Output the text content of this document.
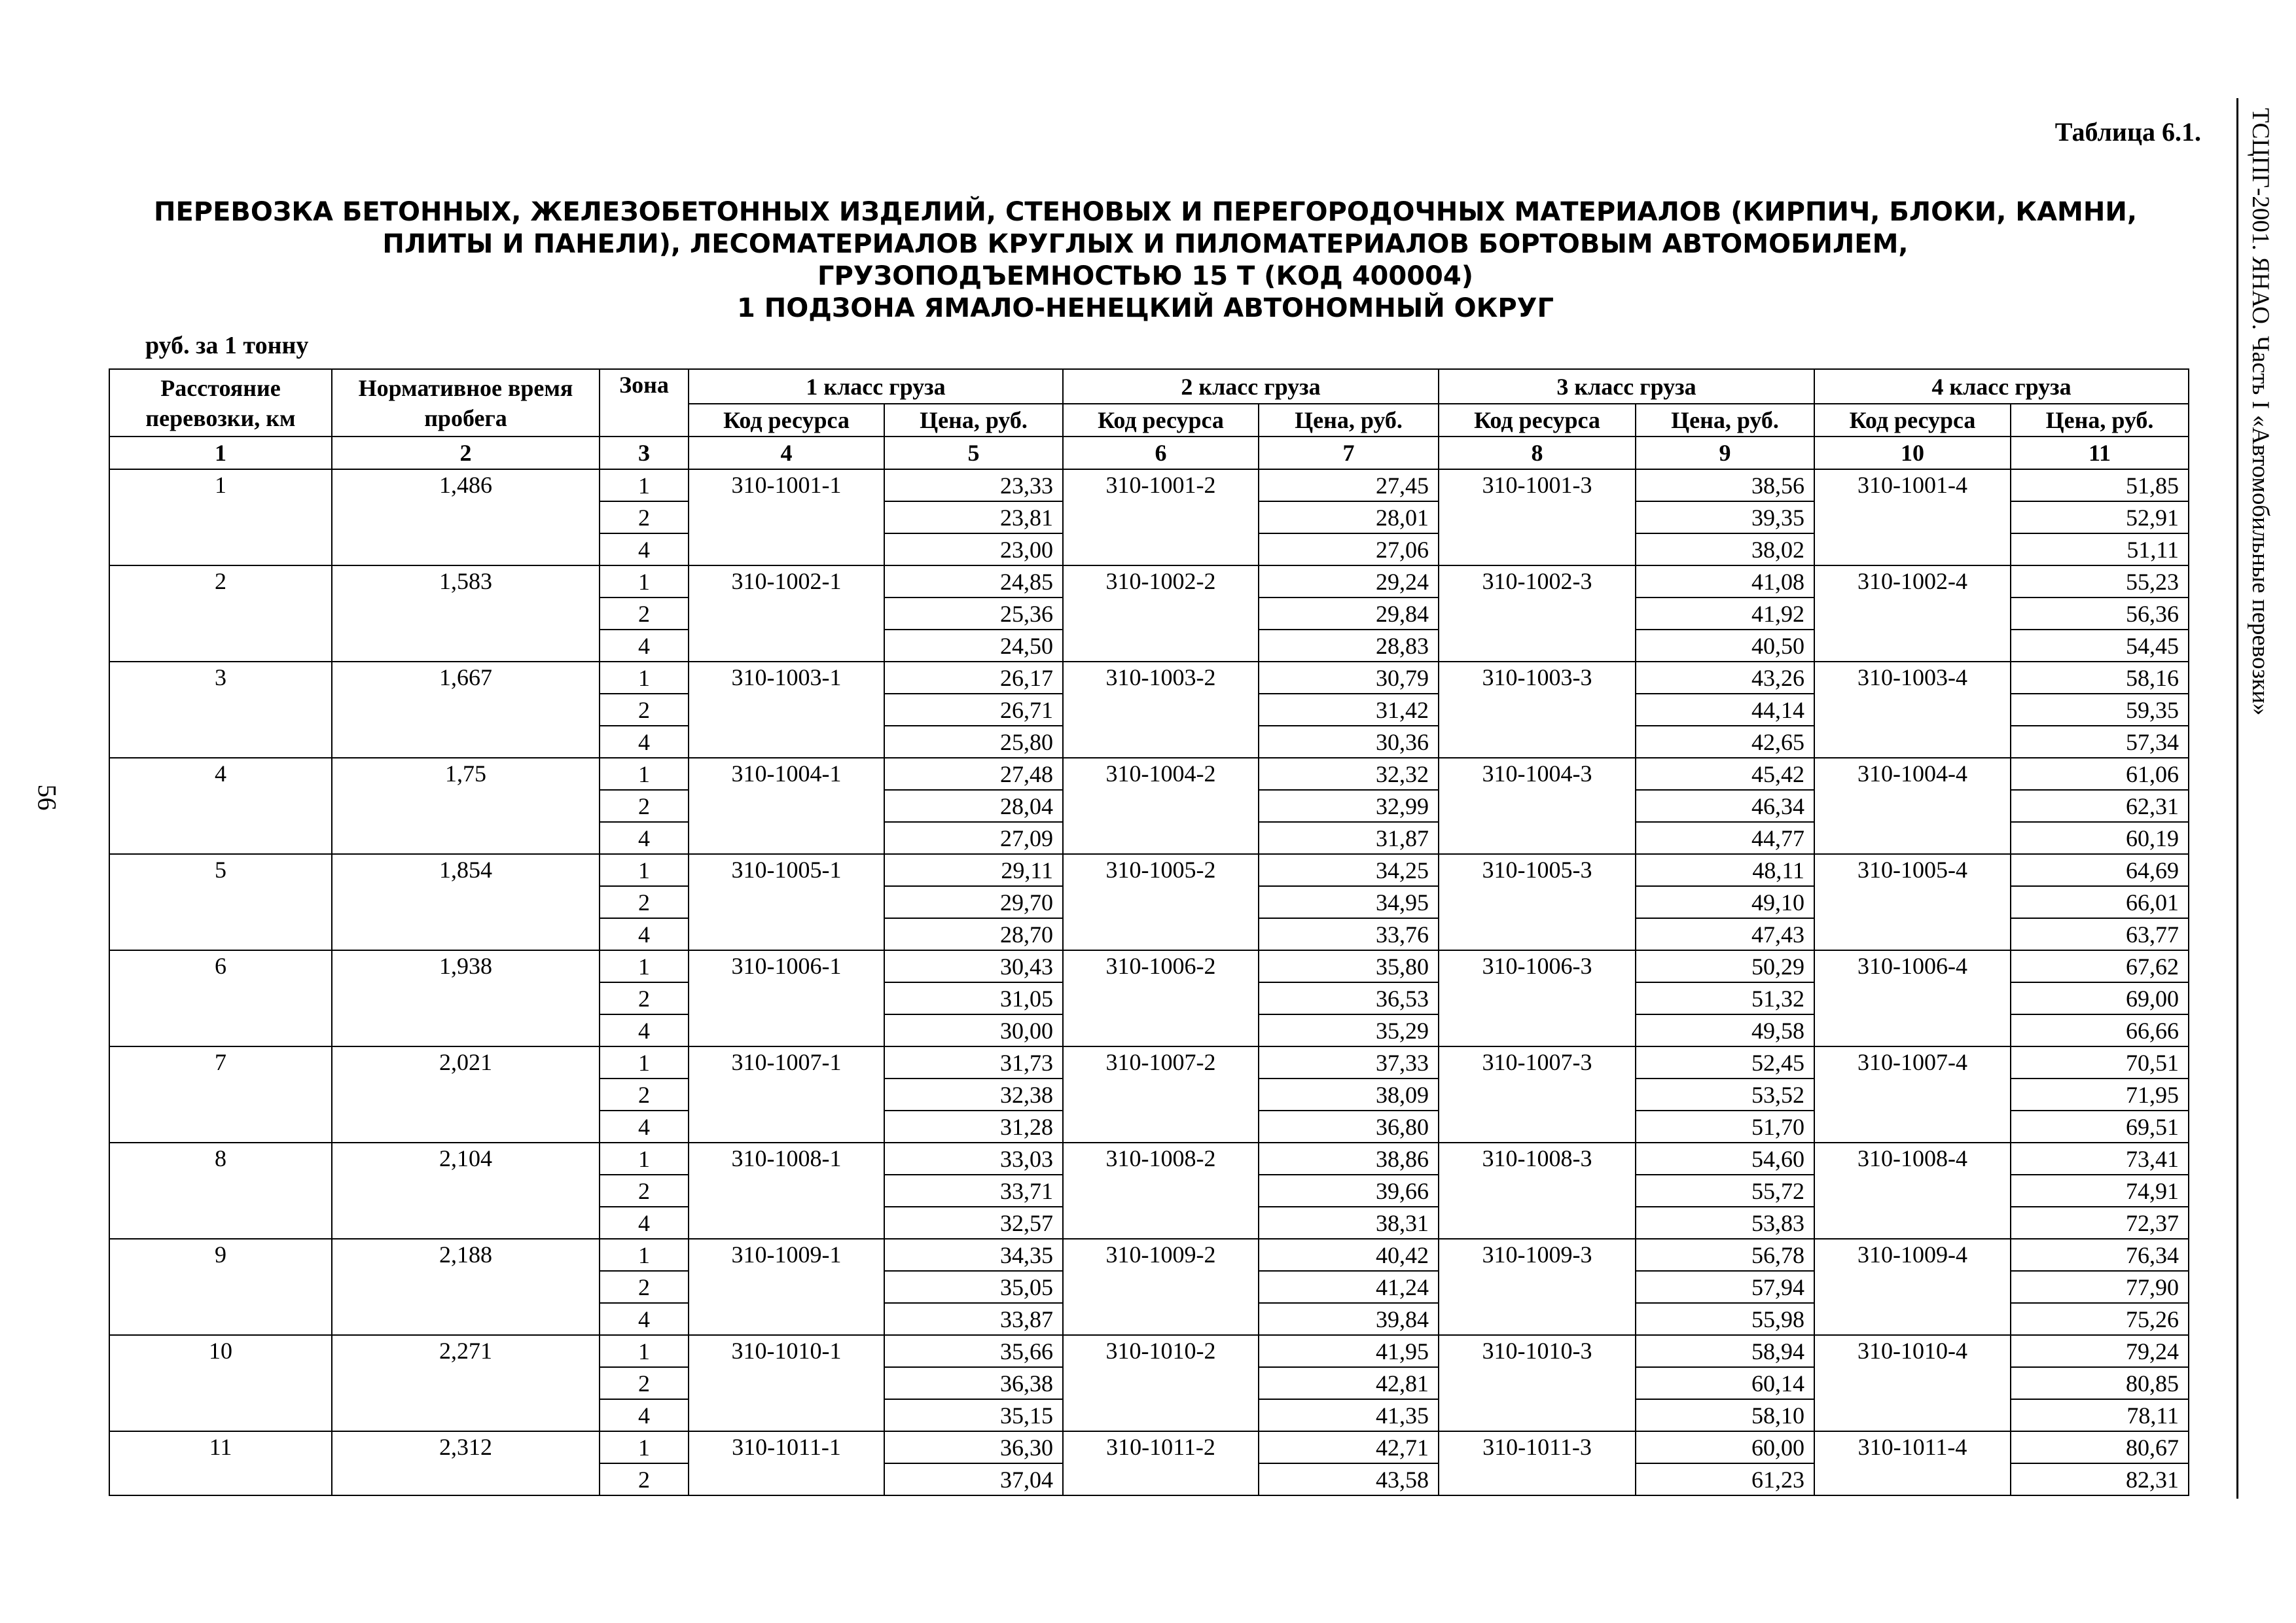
Таблица 6.1.
ПЕРЕВОЗКА БЕТОННЫХ, ЖЕЛЕЗОБЕТОННЫХ ИЗДЕЛИЙ, СТЕНОВЫХ И ПЕРЕГОРОДОЧНЫХ МАТЕРИАЛОВ (КИРПИЧ, БЛОКИ, КАМНИ,
ПЛИТЫ И ПАНЕЛИ), ЛЕСОМАТЕРИАЛОВ КРУГЛЫХ И ПИЛОМАТЕРИАЛОВ БОРТОВЫМ АВТОМОБИЛЕМ,
ГРУЗОПОДЪЕМНОСТЬЮ 15 Т (КОД 400004)
1 ПОДЗОНА ЯМАЛО-НЕНЕЦКИЙ АВТОНОМНЫЙ ОКРУГ
руб. за 1 тонну	ТСЦПГ-2001. ЯНАО. Часть I «Автомобильные перевозки»
56
Расстояние перевозки, км	Нормативное время пробега	Зона	1 класс груза		2 класс груза		3 класс груза		4 класс груза	
			Код ресурса	Цена, руб.	Код ресурса	Цена, руб.	Код ресурса	Цена, руб.	Код ресурса	Цена, руб.
1	2	3	4	5	6	7	8	9	10	11
1	1,486	1	310-1001-1	23,33	310-1001-2	27,45	310-1001-3	38,56	310-1001-4	51,85
		2		23,81		28,01		39,35		52,91
		4		23,00		27,06		38,02		51,11
2	1,583	1	310-1002-1	24,85	310-1002-2	29,24	310-1002-3	41,08	310-1002-4	55,23
		2		25,36		29,84		41,92		56,36
		4		24,50		28,83		40,50		54,45
3	1,667	1	310-1003-1	26,17	310-1003-2	30,79	310-1003-3	43,26	310-1003-4	58,16
		2		26,71		31,42		44,14		59,35
		4		25,80		30,36		42,65		57,34
4	1,75	1	310-1004-1	27,48	310-1004-2	32,32	310-1004-3	45,42	310-1004-4	61,06
		2		28,04		32,99		46,34		62,31
		4		27,09		31,87		44,77		60,19
5	1,854	1	310-1005-1	29,11	310-1005-2	34,25	310-1005-3	48,11	310-1005-4	64,69
		2		29,70		34,95		49,10		66,01
		4		28,70		33,76		47,43		63,77
6	1,938	1	310-1006-1	30,43	310-1006-2	35,80	310-1006-3	50,29	310-1006-4	67,62
		2		31,05		36,53		51,32		69,00
		4		30,00		35,29		49,58		66,66
7	2,021	1	310-1007-1	31,73	310-1007-2	37,33	310-1007-3	52,45	310-1007-4	70,51
		2		32,38		38,09		53,52		71,95
		4		31,28		36,80		51,70		69,51
8	2,104	1	310-1008-1	33,03	310-1008-2	38,86	310-1008-3	54,60	310-1008-4	73,41
		2		33,71		39,66		55,72		74,91
		4		32,57		38,31		53,83		72,37
9	2,188	1	310-1009-1	34,35	310-1009-2	40,42	310-1009-3	56,78	310-1009-4	76,34
		2		35,05		41,24		57,94		77,90
		4		33,87		39,84		55,98		75,26
10	2,271	1	310-1010-1	35,66	310-1010-2	41,95	310-1010-3	58,94	310-1010-4	79,24
		2		36,38		42,81		60,14		80,85
		4		35,15		41,35		58,10		78,11
11	2,312	1	310-1011-1	36,30	310-1011-2	42,71	310-1011-3	60,00	310-1011-4	80,67
		2		37,04		43,58		61,23		82,31
